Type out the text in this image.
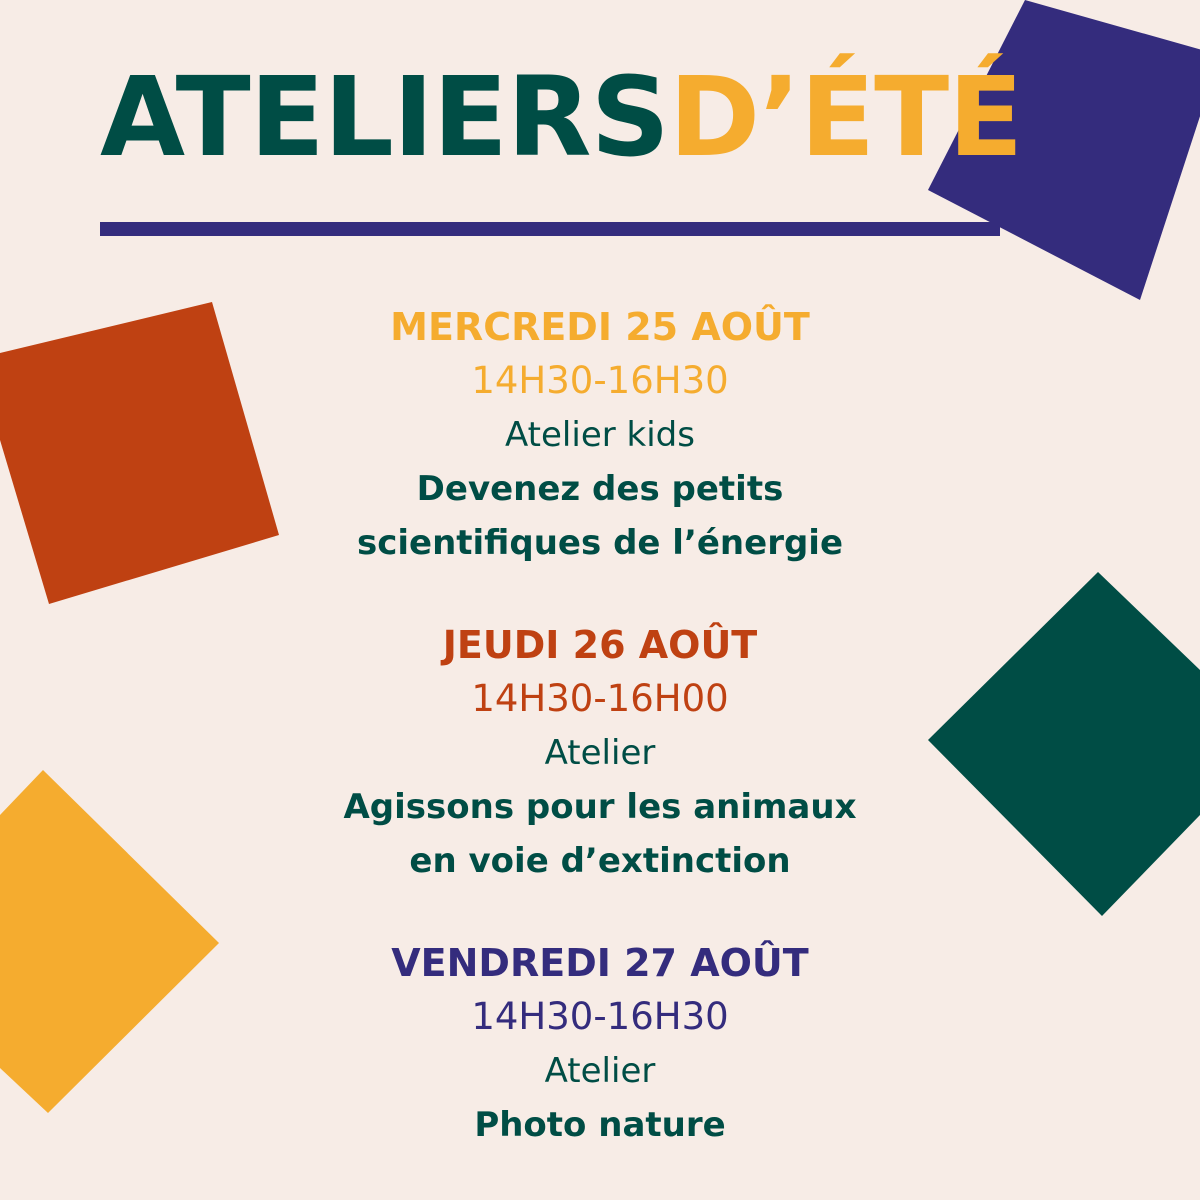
ATELIERSD’ÉTÉ
MERCREDI 25 AOÛT
14H30-16H30
Atelier kids
Devenez des petits
scientifiques de l’énergie
JEUDI 26 AOÛT
14H30-16H00
Atelier
Agissons pour les animaux
en voie d’extinction
VENDREDI 27 AOÛT
14H30-16H30
Atelier
Photo nature
